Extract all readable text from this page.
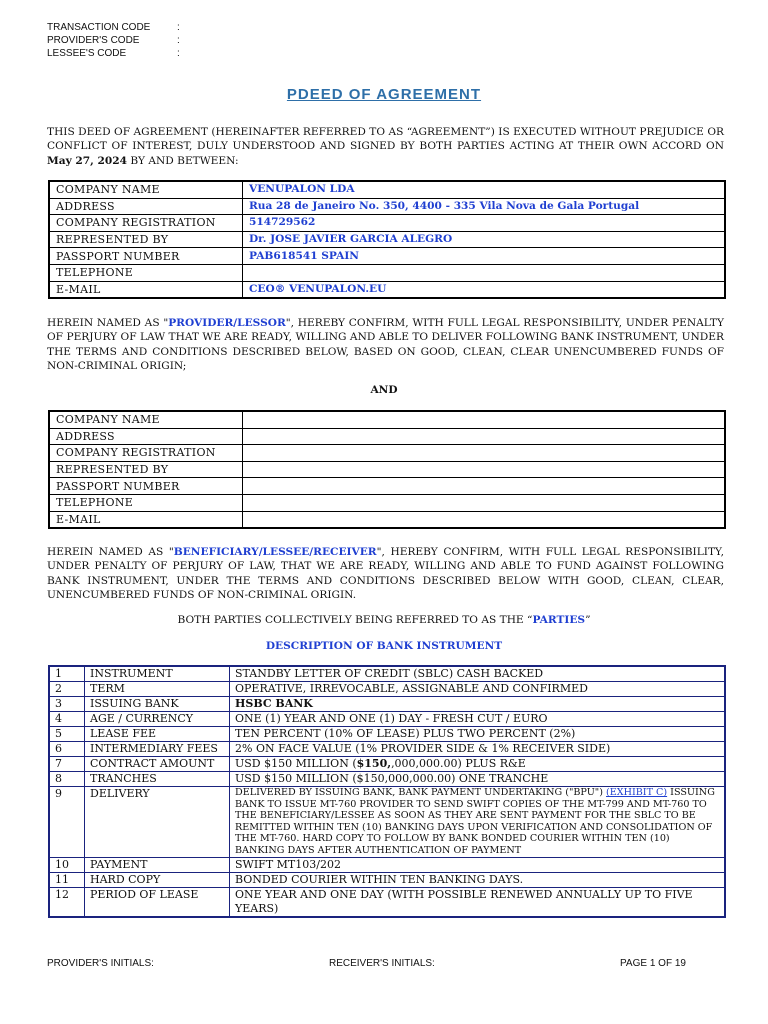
TRANSACTION CODE	:
PROVIDER'S CODE	:
LESSEE'S CODE	:
PDEED OF AGREEMENT
THIS DEED OF AGREEMENT (HEREINAFTER REFERRED TO AS “AGREEMENT”) IS EXECUTED WITHOUT PREJUDICE OR CONFLICT OF INTEREST, DULY UNDERSTOOD AND SIGNED BY BOTH PARTIES ACTING AT THEIR OWN ACCORD ON May 27, 2024 BY AND BETWEEN:
COMPANY NAME	VENUPALON LDA
ADDRESS	Rua 28 de Janeiro No. 350, 4400 - 335 Vila Nova de Gala Portugal
COMPANY REGISTRATION	514729562
REPRESENTED BY	Dr. JOSE JAVIER GARCIA ALEGRO
PASSPORT NUMBER	PAB618541 SPAIN
TELEPHONE	
E-MAIL	CEO® VENUPALON.EU
HEREIN NAMED AS "PROVIDER/LESSOR", HEREBY CONFIRM, WITH FULL LEGAL RESPONSIBILITY, UNDER PENALTY OF PERJURY OF LAW THAT WE ARE READY, WILLING AND ABLE TO DELIVER FOLLOWING BANK INSTRUMENT, UNDER THE TERMS AND CONDITIONS DESCRIBED BELOW, BASED ON GOOD, CLEAN, CLEAR UNENCUMBERED FUNDS OF NON-CRIMINAL ORIGIN;
AND
COMPANY NAME	
ADDRESS	
COMPANY REGISTRATION	
REPRESENTED BY	
PASSPORT NUMBER	
TELEPHONE	
E-MAIL	
HEREIN NAMED AS "BENEFICIARY/LESSEE/RECEIVER", HEREBY CONFIRM, WITH FULL LEGAL RESPONSIBILITY, UNDER PENALTY OF PERJURY OF LAW, THAT WE ARE READY, WILLING AND ABLE TO FUND AGAINST FOLLOWING BANK INSTRUMENT, UNDER THE TERMS AND CONDITIONS DESCRIBED BELOW WITH GOOD, CLEAN, CLEAR, UNENCUMBERED FUNDS OF NON-CRIMINAL ORIGIN.
BOTH PARTIES COLLECTIVELY BEING REFERRED TO AS THE “PARTIES”
DESCRIPTION OF BANK INSTRUMENT
1	INSTRUMENT	STANDBY LETTER OF CREDIT (SBLC) CASH BACKED
2	TERM	OPERATIVE, IRREVOCABLE, ASSIGNABLE AND CONFIRMED
3	ISSUING BANK	HSBC BANK
4	AGE / CURRENCY	ONE (1) YEAR AND ONE (1) DAY - FRESH CUT / EURO
5	LEASE FEE	TEN PERCENT (10% OF LEASE) PLUS TWO PERCENT (2%)
6	INTERMEDIARY FEES	2% ON FACE VALUE (1% PROVIDER SIDE & 1% RECEIVER SIDE)
7	CONTRACT AMOUNT	USD $150 MILLION ($150,,000,000.00) PLUS R&E
8	TRANCHES	USD $150 MILLION ($150,000,000.00) ONE TRANCHE
9	DELIVERY	DELIVERED BY ISSUING BANK, BANK PAYMENT UNDERTAKING ("BPU") (EXHIBIT C) ISSUING BANK TO ISSUE MT-760 PROVIDER TO SEND SWIFT COPIES OF THE MT-799 AND MT-760 TO THE BENEFICIARY/LESSEE AS SOON AS THEY ARE SENT PAYMENT FOR THE SBLC TO BE REMITTED WITHIN TEN (10) BANKING DAYS UPON VERIFICATION AND CONSOLIDATION OF THE MT-760. HARD COPY TO FOLLOW BY BANK BONDED COURIER WITHIN TEN (10) BANKING DAYS AFTER AUTHENTICATION OF PAYMENT
10	PAYMENT	SWIFT MT103/202
11	HARD COPY	BONDED COURIER WITHIN TEN BANKING DAYS.
12	PERIOD OF LEASE	ONE YEAR AND ONE DAY (WITH POSSIBLE RENEWED ANNUALLY UP TO FIVE YEARS)
PROVIDER'S INITIALS:	RECEIVER'S INITIALS:	PAGE 1 OF 19
